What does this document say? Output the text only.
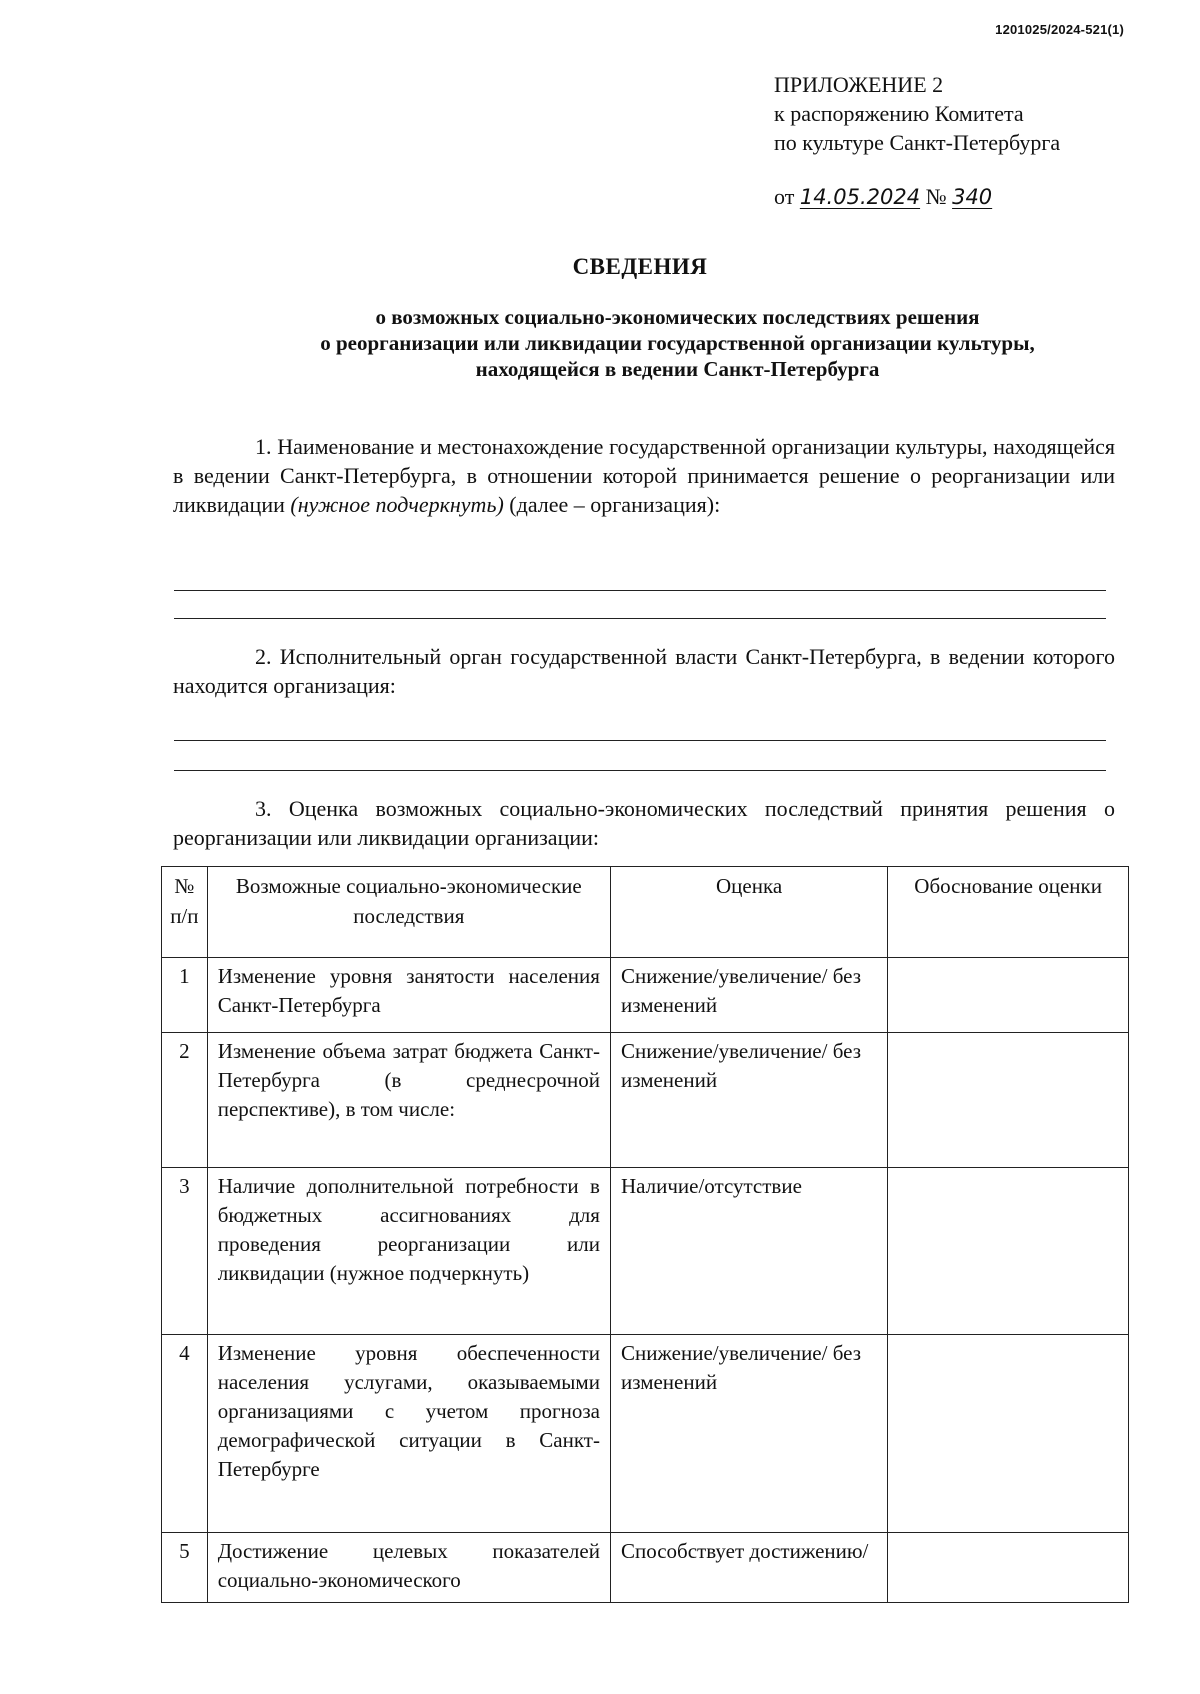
1201025/2024-521(1)
ПРИЛОЖЕНИЕ 2
к распоряжению Комитета
по культуре Санкт-Петербурга
от 14.05.2024 № 340
СВЕДЕНИЯ
о возможных социально-экономических последствиях решения
о реорганизации или ликвидации государственной организации культуры,
находящейся в ведении Санкт-Петербурга
1. Наименование и местонахождение государственной организации культуры, находящейся в ведении Санкт-Петербурга, в отношении которой принимается решение о реорганизации или ликвидации (нужное подчеркнуть) (далее – организация):
2. Исполнительный орган государственной власти Санкт-Петербурга, в ведении которого находится организация:
3. Оценка возможных социально-экономических последствий принятия решения о реорганизации или ликвидации организации:
№
п/п	Возможные социально-экономические последствия	Оценка	Обоснование оценки
1	Изменение уровня занятости населения Санкт-Петербурга	Снижение/увеличение/ без изменений	
2	Изменение объема затрат бюджета Санкт-Петербурга (в среднесрочной перспективе), в том числе:	Снижение/увеличение/ без изменений	
3	Наличие дополнительной потребности в бюджетных ассигнованиях для проведения реорганизации или ликвидации (нужное подчеркнуть)	Наличие/отсутствие	
4	Изменение уровня обеспеченности населения услугами, оказываемыми организациями с учетом прогноза демографической ситуации в Санкт-Петербурге	Снижение/увеличение/ без изменений	
5	Достижение целевых показателей социально-экономического	Способствует достижению/	
